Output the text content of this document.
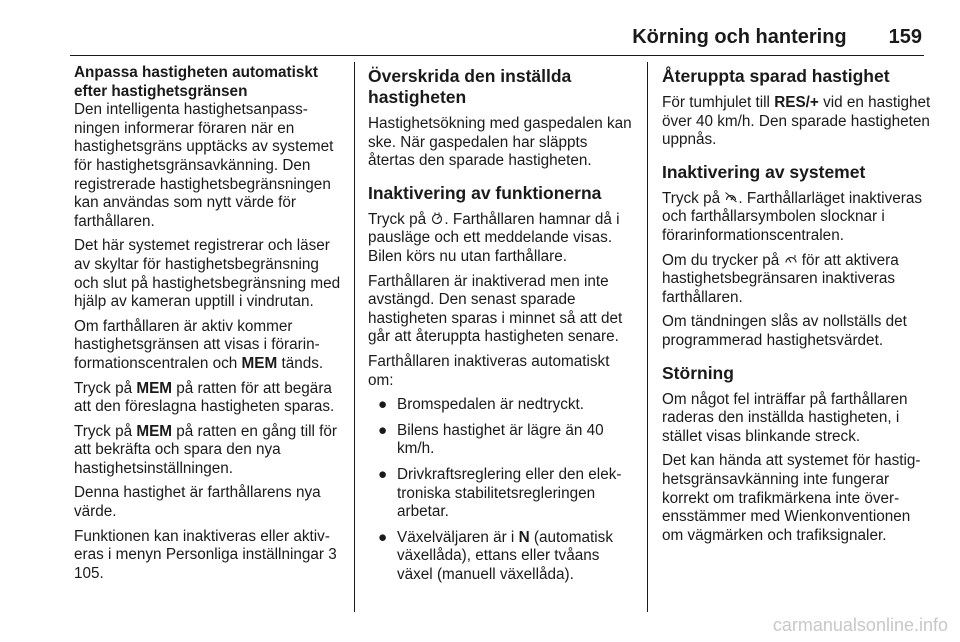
Körning och hantering 159

Anpassa hastigheten automatiskt efter hastighetsgränsen

Den intelligenta hastighetsanpassningen informerar föraren när en hastighetsgräns upptäcks av systemet för hastighetsgränsavkänning. Den registrerade hastighetsbegränsningen kan användas som nytt värde för farthållaren.

Det här systemet registrerar och läser av skyltar för hastighetsbegränsning och slut på hastighetsbegränsning med hjälp av kameran upptill i vindrutan.

Om farthållaren är aktiv kommer hastighetsgränsen att visas i förarinformationscentralen och MEM tänds.

Tryck på MEM på ratten för att begära att den föreslagna hastigheten sparas.

Tryck på MEM på ratten en gång till för att bekräfta och spara den nya hastighetsinställningen.

Denna hastighet är farthållarens nya värde.

Funktionen kan inaktiveras eller aktiveras i menyn Personliga inställningar 3 105.

Överskrida den inställda hastigheten

Hastighetsökning med gaspedalen kan ske. När gaspedalen har släppts återtas den sparade hastigheten.

Inaktivering av funktionerna

Tryck på . Farthållaren hamnar då i pausläge och ett meddelande visas. Bilen körs nu utan farthållare.

Farthållaren är inaktiverad men inte avstängd. Den senast sparade hastigheten sparas i minnet så att det går att återuppta hastigheten senare.

Farthållaren inaktiveras automatiskt om:

● Bromspedalen är nedtryckt.
● Bilens hastighet är lägre än 40 km/h.
● Drivkraftsreglering eller den elektroniska stabilitetsregleringen arbetar.
● Växelväljaren är i N (automatisk växellåda), ettans eller tvåans växel (manuell växellåda).
Återuppta sparad hastighet

För tumhjulet till RES/+ vid en hastighet över 40 km/h. Den sparade hastigheten uppnås.

Inaktivering av systemet

Tryck på . Farthållarläget inaktiveras och farthållarsymbolen slocknar i förarinformationscentralen.

Om du trycker på  för att aktivera hastighetsbegränsaren inaktiveras farthållaren.

Om tändningen slås av nollställs det programmerad hastighetsvärdet.

Störning

Om något fel inträffar på farthållaren raderas den inställda hastigheten, i stället visas blinkande streck.

Det kan hända att systemet för hastighetsgränsavkänning inte fungerar korrekt om trafikmärkena inte överensstämmer med Wienkonventionen om vägmärken och trafiksignaler.

carmanualsonline.info
